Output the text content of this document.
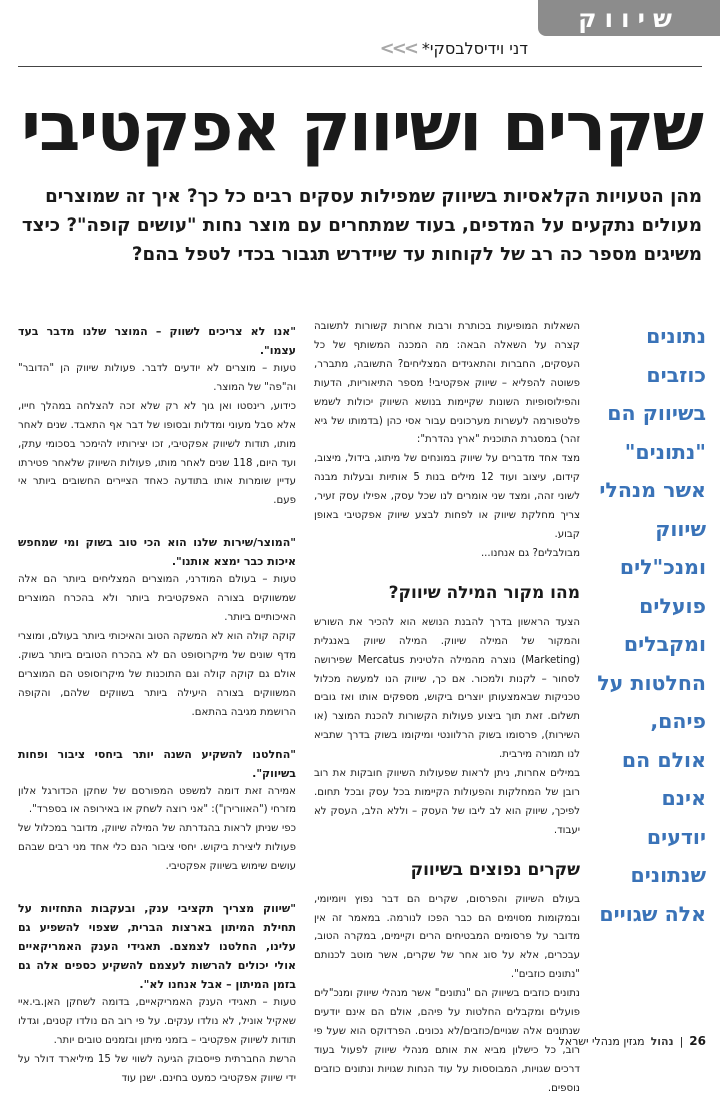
שיווק
דני וידיסלבסקי*
<<<
שקרים ושיווק אפקטיבי

מהן הטעויות הקלאסיות בשיווק שמפילות עסקים רבים כל כך? איך זה שמוצרים מעולים נתקעים על המדפים, בעוד שמתחרים עם מוצר נחות "עושים קופה"? כיצד משיגים מספר כה רב של לקוחות עד שיידרש תגבור בכדי לטפל בהם?

נתונים כוזבים בשיווק הם "נתונים" אשר מנהלי שיווק ומנכ"לים פועלים ומקבלים החלטות על פיהם, אולם הם אינם יודעים שנתונים אלה שגויים

השאלות המופיעות בכותרת ורבות אחרות קשורות לתשובה קצרה על השאלה הבאה: מה המכנה המשותף של כל העסקים, החברות והתאגידים המצליחים? התשובה, מתברר, פשוטה להפליא – שיווק אפקטיבי! מספר התיאוריות, הדעות והפילוסופיות השונות שקיימות בנושא השיווק יכולות לשמש פלטפורמה לעשרות מערכונים עבור אסי כהן (בדמותו של גיא זהר) במסגרת התוכנית "ארץ נהדרת":

מצד אחד מדברים על שיווק במונחים של מיתוג, בידול, מיצוב, קידום, עיצוב ועוד 12 מילים בנות 5 אותיות ובעלות מבנה לשוני זהה, ומצד שני אומרים לנו שכל עסק, אפילו עסק זעיר, צריך מחלקת שיווק או לפחות לבצע שיווק אפקטיבי באופן קבוע.

מבולבלים? גם אנחנו...

מהו מקור המילה שיווק?

הצעד הראשון בדרך להבנת הנושא הוא להכיר את השורש והמקור של המילה שיווק. המילה שיווק באנגלית (Marketing) נוצרה מהמילה הלטינית Mercatus שפירושה לסחור – לקנות ולמכור. אם כך, שיווק הנו למעשה מכלול טכניקות שבאמצעותן יוצרים ביקוש, מספקים אותו ואז גובים תשלום. זאת תוך ביצוע פעולות הקשורות להכנת המוצר (או השירות), פרסומו בשוק הרלוונטי ומיקומו בשוק בדרך שתביא לנו תמורה מירבית.

במילים אחרות, ניתן לראות שפעולות השיווק חובקות את רוב רובן של המחלקות והפעולות הקיימות בכל עסק ובכל תחום. לפיכך, שיווק הוא לב ליבו של העסק – וללא הלב, העסק לא יעבוד.

שקרים נפוצים בשיווק

בעולם השיווק והפרסום, שקרים הם דבר נפוץ ויומיומי, ובמקומות מסוימים הם כבר הפכו לנורמה. במאמר זה אין מדובר על פרסומים המבטיחים הרים וקיימים, במקרה הטוב, עבכרים, אלא על סוג אחר של שקרים, אשר מוטב לכנותם "נתונים כוזבים".

נתונים כוזבים בשיווק הם "נתונים" אשר מנהלי שיווק ומנכ"לים פועלים ומקבלים החלטות על פיהם, אולם הם אינם יודעים שנתונים אלה שגויים/כוזבים/לא נכונים. הפרדוקס הוא שעל פי רוב, כל כישלון מביא את אותם מנהלי שיווק לפעול בעוד דרכים שגויות, המבוססות על עוד הנחות שגויות ונתונים כוזבים נוספים.

"אנו לא צריכים לשווק – המוצר שלנו מדבר בעד עצמו".

טעות – מוצרים לא יודעים לדבר. פעולות שיווק הן "הדובר" וה"פה" של המוצר.

כידוע, רינסטו ואן גוך לא רק שלא זכה להצלחה במהלך חייו, אלא סבל מעוני ומדלות ובסופו של דבר אף התאבד. שנים לאחר מותו, תודות לשיווק אפקטיבי, זכו יצירותיו להימכר בסכומי עתק, ועד היום, 118 שנים לאחר מותו, פעולות השיווק שלאחר פטירתו עדיין שומרות אותו בתודעה כאחד הציירים החשובים ביותר אי פעם.

"המוצר/שירות שלנו הוא הכי טוב בשוק ומי שמחפש איכות כבר ימצא אותנו".

טעות – בעולם המודרני, המוצרים המצליחים ביותר הם אלה שמשווקים בצורה האפקטיבית ביותר ולא בהכרח המוצרים האיכותיים ביותר.

קוקה קולה הוא לא המשקה הטוב והאיכותי ביותר בעולם, ומוצרי מדף שונים של מיקרוסופט הם לא בהכרח הטובים ביותר בשוק. אולם גם קוקה קולה וגם התוכנות של מיקרוסופט הם המוצרים המשווקים בצורה היעילה ביותר בשווקים שלהם, והקופה הרושמת מגיבה בהתאם.

"החלטנו להשקיע השנה יותר ביחסי ציבור ופחות בשיווק".

אמירה זאת דומה למשפט המפורסם של שחקן הכדורגל אלון מזרחי ("האוורירן"): "אני רוצה לשחק או באירופה או בספרד".

כפי שניתן לראות בהגדרתה של המילה שיווק, מדובר במכלול של פעולות ליצירת ביקוש. יחסי ציבור הנם כלי אחד מני רבים שבהם עושים שימוש בשיווק אפקטיבי.

"שיווק מצריך תקציבי ענק, ובעקבות התחזיות על תחילת המיתון בארצות הברית, שצפוי להשפיע גם עלינו, החלטנו לצמצם. תאגידי הענק האמריקאיים אולי יכולים להרשות לעצמם להשקיע כספים אלה גם בזמן המיתון – אבל אנחנו לא".

טעות – תאגידי הענק האמריקאיים, בדומה לשחקן האן.בי.איי שאקיל אוניל, לא נולדו ענקים. על פי רוב הם נולדו קטנים, וגדלו תודות לשיווק אפקטיבי – בזמני מיתון ובזמנים טובים יותר.

הרשת החברתית פייסבוק הגיעה לשווי של 15 מיליארד דולר על ידי שיווק אפקטיבי כמעט בחינם. ישנן עוד

26
|
נהול
מגזין מנהלי ישראל
